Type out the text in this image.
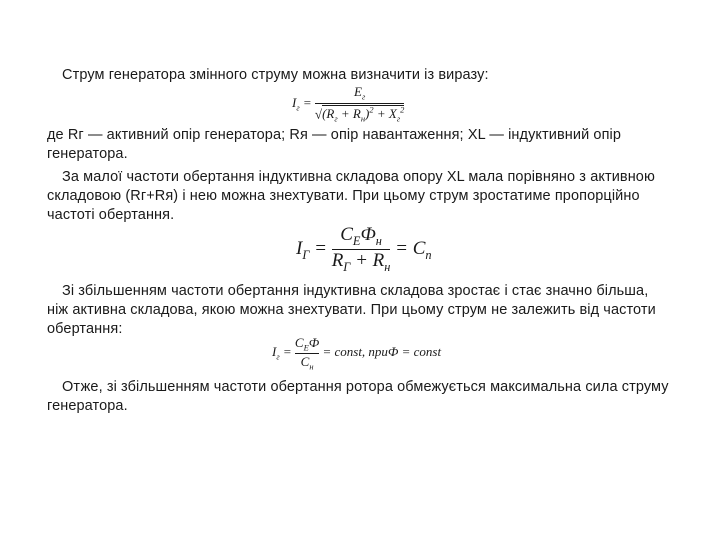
Струм генератора змінного струму можна визначити із виразу:
$I_г = \frac{E_г}{√(R_г + R_н)^2 + X_г^2}$
де Rг — активний опір генератора; Rя — опір навантаження; XL — індуктивний опір
генератора.
За малої частоти обертання індуктивна складова опору XL мала порівняно з активною
складовою (Rг+Rя) і нею можна знехтувати. При цьому струм зростатиме пропорційно
частоті обертання.
$I_Г = \frac{C_ЕФ_н}{R_Г + R_н} = C_п$
Зі збільшенням частоти обертання індуктивна складова зростає і стає значно більша,
ніж активна складова, якою можна знехтувати. При цьому струм не залежить від частоти
обертання:
$I_г = \frac{C_ЕФ}{C_н}$ = const, приФ = const
Отже, зі збільшенням частоти обертання ротора обмежується максимальна сила струму
генератора.
